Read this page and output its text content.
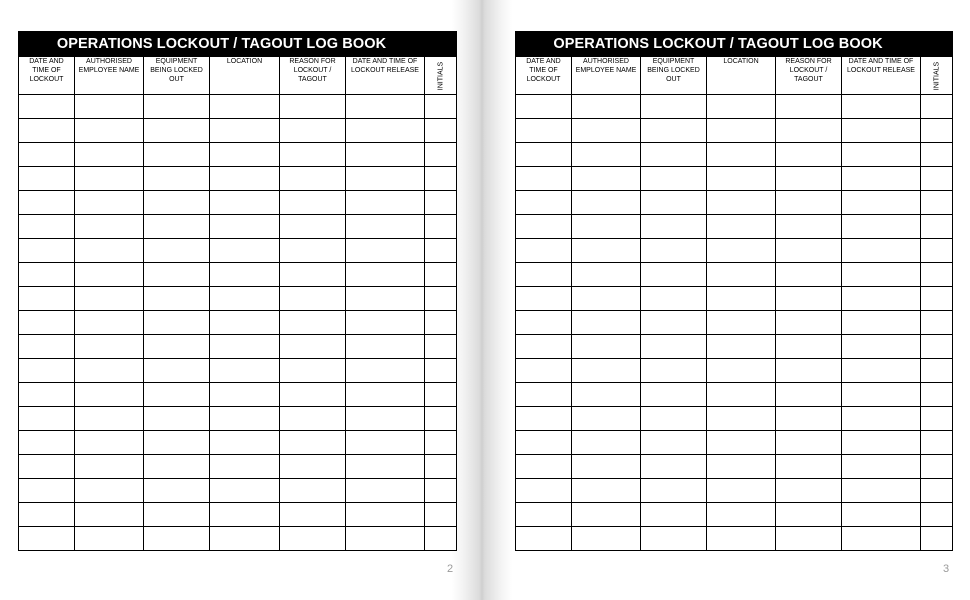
OPERATIONS LOCKOUT / TAGOUT LOG BOOK						

DATE AND TIME OF LOCKOUT	AUTHORISED EMPLOYEE NAME	EQUIPMENT BEING LOCKED OUT	LOCATION	REASON FOR LOCKOUT / TAGOUT	DATE AND TIME OF LOCKOUT RELEASE	INITIALS

2
OPERATIONS LOCKOUT / TAGOUT LOG BOOK						

DATE AND TIME OF LOCKOUT	AUTHORISED EMPLOYEE NAME	EQUIPMENT BEING LOCKED OUT	LOCATION	REASON FOR LOCKOUT / TAGOUT	DATE AND TIME OF LOCKOUT RELEASE	INITIALS

3
